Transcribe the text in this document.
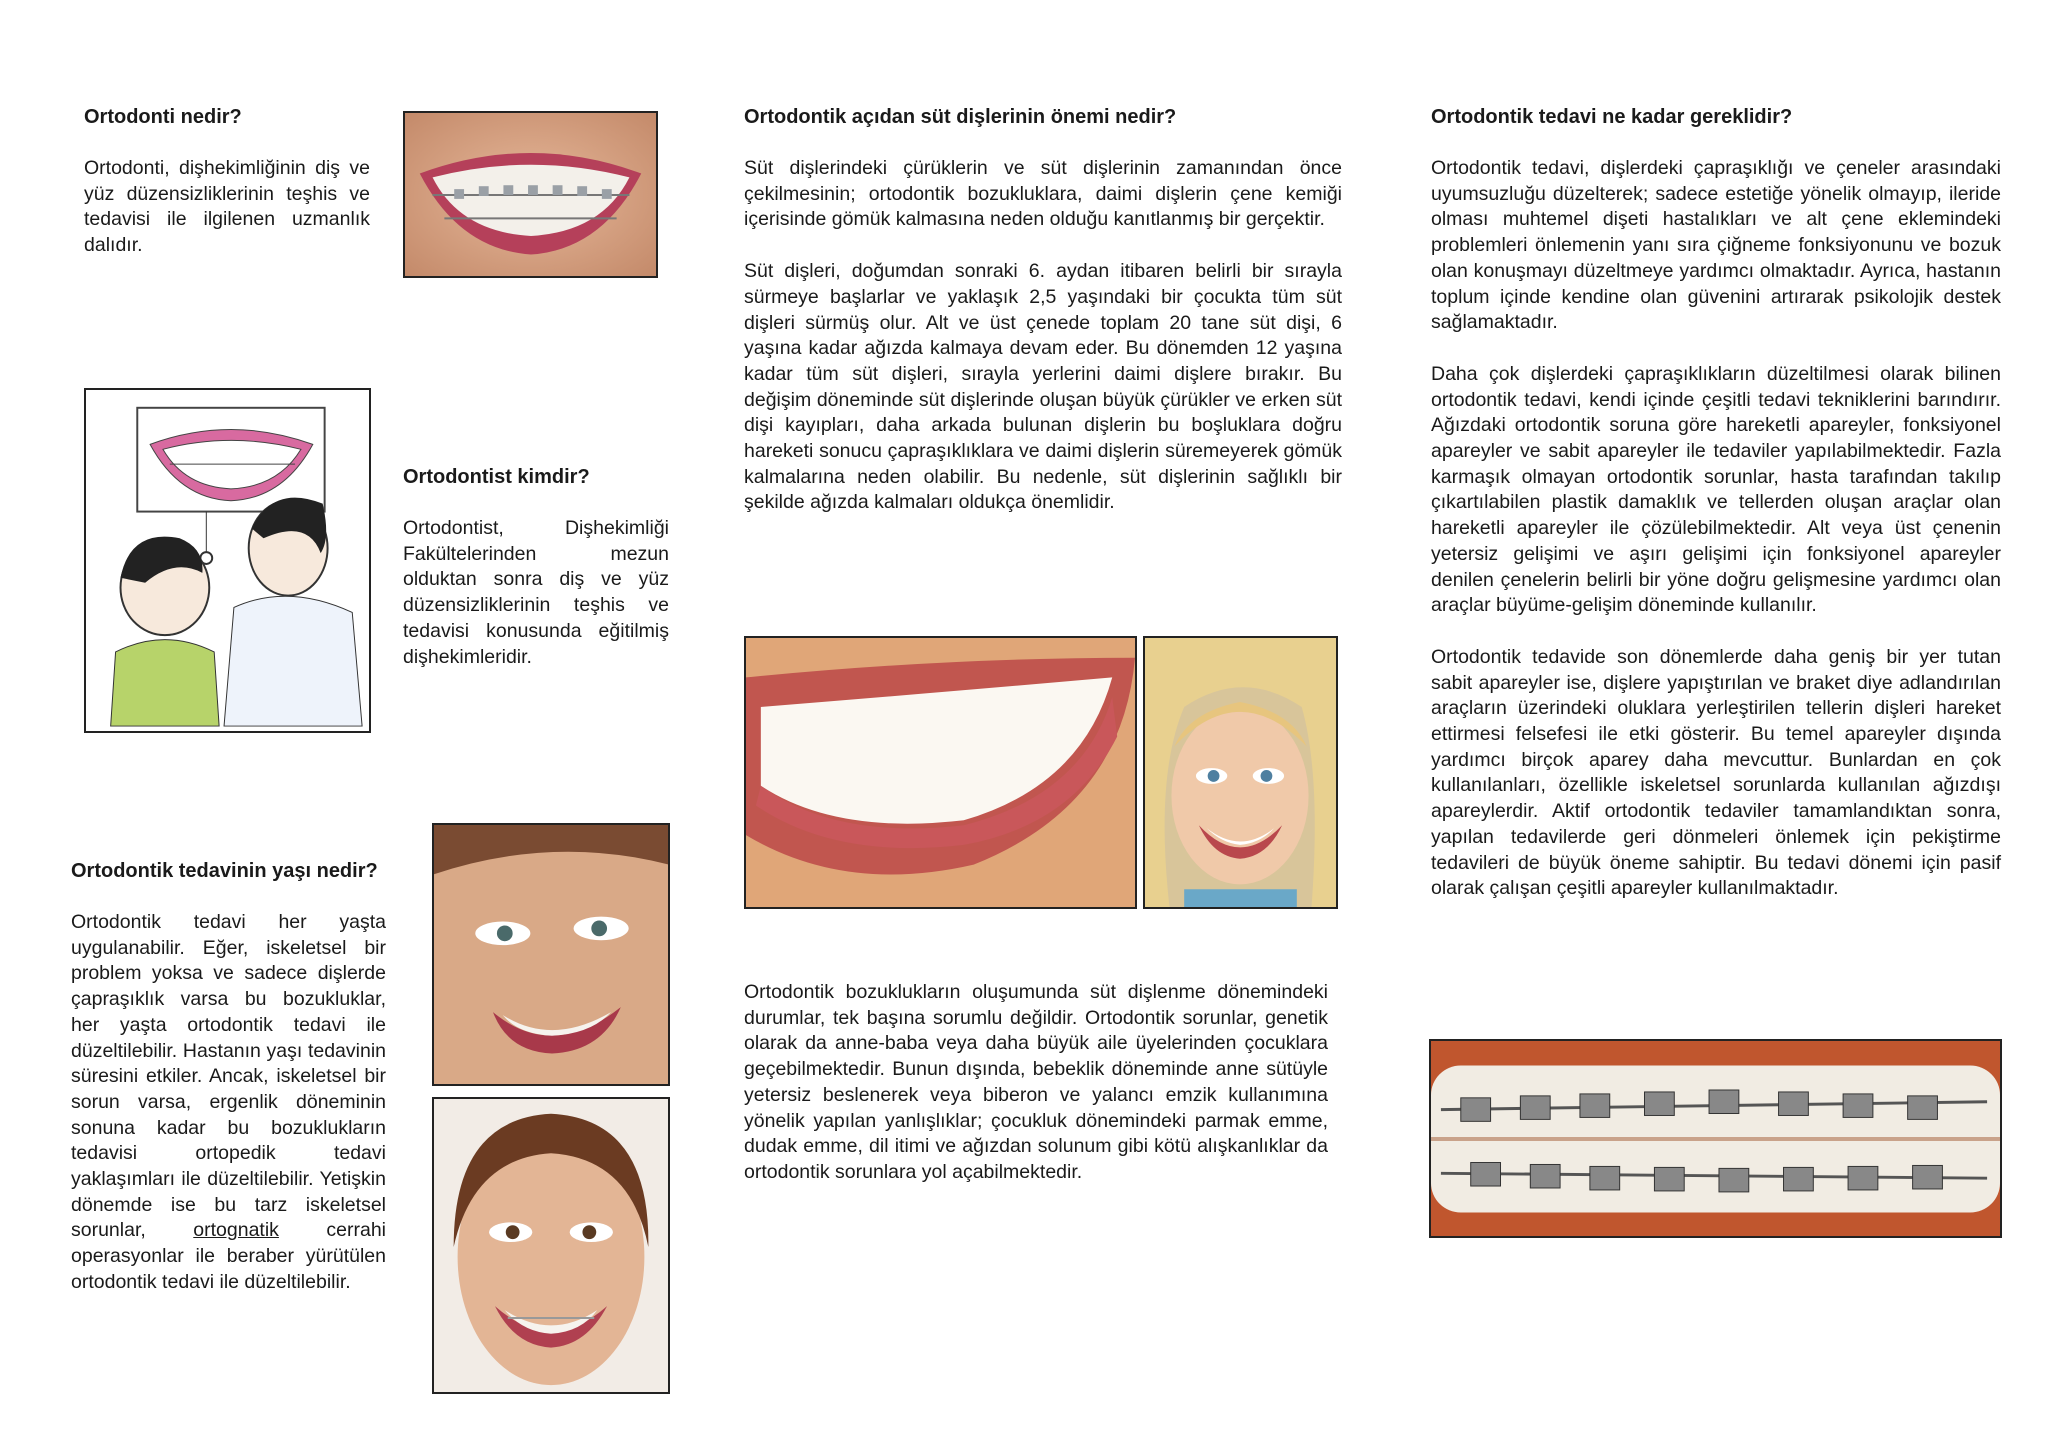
Ortodonti nedir?

Ortodonti, dişhekimliğinin diş ve yüz düzensizliklerinin teşhis ve tedavisi ile ilgilenen uzmanlık dalıdır.

Ortodontist kimdir?

Ortodontist, Dişhekimliği Fakültelerinden mezun olduktan sonra diş ve yüz düzensizliklerinin teşhis ve tedavisi konusunda eğitilmiş dişhekimleridir.

Ortodontik tedavinin yaşı nedir?

Ortodontik tedavi her yaşta uygulanabilir. Eğer, iskeletsel bir problem yoksa ve sadece dişlerde çapraşıklık varsa bu bozukluklar, her yaşta ortodontik tedavi ile düzeltilebilir. Hastanın yaşı tedavinin süresini etkiler. Ancak, iskeletsel bir sorun varsa, ergenlik döneminin sonuna kadar bu bozuklukların tedavisi ortopedik tedavi yaklaşımları ile düzeltilebilir. Yetişkin dönemde ise bu tarz iskeletsel sorunlar, ortognatik cerrahi operasyonlar ile beraber yürütülen ortodontik tedavi ile düzeltilebilir.

Ortodontik açıdan süt dişlerinin önemi nedir?

Süt dişlerindeki çürüklerin ve süt dişlerinin zamanından önce çekilmesinin; ortodontik bozukluklara, daimi dişlerin çene kemiği içerisinde gömük kalmasına neden olduğu kanıtlanmış bir gerçektir.

Süt dişleri, doğumdan sonraki 6. aydan itibaren belirli bir sırayla sürmeye başlarlar ve yaklaşık 2,5 yaşındaki bir çocukta tüm süt dişleri sürmüş olur. Alt ve üst çenede toplam 20 tane süt dişi, 6 yaşına kadar ağızda kalmaya devam eder. Bu dönemden 12 yaşına kadar tüm süt dişleri, sırayla yerlerini daimi dişlere bırakır. Bu değişim döneminde süt dişlerinde oluşan büyük çürükler ve erken süt dişi kayıpları, daha arkada bulunan dişlerin bu boşluklara doğru hareketi sonucu çapraşıklıklara ve daimi dişlerin süremeyerek gömük kalmalarına neden olabilir. Bu nedenle, süt dişlerinin sağlıklı bir şekilde ağızda kalmaları oldukça önemlidir.

Ortodontik bozuklukların oluşumunda süt dişlenme dönemindeki durumlar, tek başına sorumlu değildir. Ortodontik sorunlar, genetik olarak da anne-baba veya daha büyük aile üyelerinden çocuklara geçebilmektedir. Bunun dışında, bebeklik döneminde anne sütüyle yetersiz beslenerek veya biberon ve yalancı emzik kullanımına yönelik yapılan yanlışlıklar; çocukluk dönemindeki parmak emme, dudak emme, dil itimi ve ağızdan solunum gibi kötü alışkanlıklar da ortodontik sorunlara yol açabilmektedir.

Ortodontik tedavi ne kadar gereklidir?

Ortodontik tedavi, dişlerdeki çapraşıklığı ve çeneler arasındaki uyumsuzluğu düzelterek; sadece estetiğe yönelik olmayıp, ileride olması muhtemel dişeti hastalıkları ve alt çene eklemindeki problemleri önlemenin yanı sıra çiğneme fonksiyonunu ve bozuk olan konuşmayı düzeltmeye yardımcı olmaktadır. Ayrıca, hastanın toplum içinde kendine olan güvenini artırarak psikolojik destek sağlamaktadır.

Daha çok dişlerdeki çapraşıklıkların düzeltilmesi olarak bilinen ortodontik tedavi, kendi içinde çeşitli tedavi tekniklerini barındırır. Ağızdaki ortodontik soruna göre hareketli apareyler, fonksiyonel apareyler ve sabit apareyler ile tedaviler yapılabilmektedir. Fazla karmaşık olmayan ortodontik sorunlar, hasta tarafından takılıp çıkartılabilen plastik damaklık ve tellerden oluşan araçlar olan hareketli apareyler ile çözülebilmektedir. Alt veya üst çenenin yetersiz gelişimi ve aşırı gelişimi için fonksiyonel apareyler denilen çenelerin belirli bir yöne doğru gelişmesine yardımcı olan araçlar büyüme-gelişim döneminde kullanılır.

Ortodontik tedavide son dönemlerde daha geniş bir yer tutan sabit apareyler ise, dişlere yapıştırılan ve braket diye adlandırılan araçların üzerindeki oluklara yerleştirilen tellerin dişleri hareket ettirmesi felsefesi ile etki gösterir. Bu temel apareyler dışında yardımcı birçok aparey daha mevcuttur. Bunlardan en çok kullanılanları, özellikle iskeletsel sorunlarda kullanılan ağızdışı apareylerdir. Aktif ortodontik tedaviler tamamlandıktan sonra, yapılan tedavilerde geri dönmeleri önlemek için pekiştirme tedavileri de büyük öneme sahiptir. Bu tedavi dönemi için pasif olarak çalışan çeşitli apareyler kullanılmaktadır.
